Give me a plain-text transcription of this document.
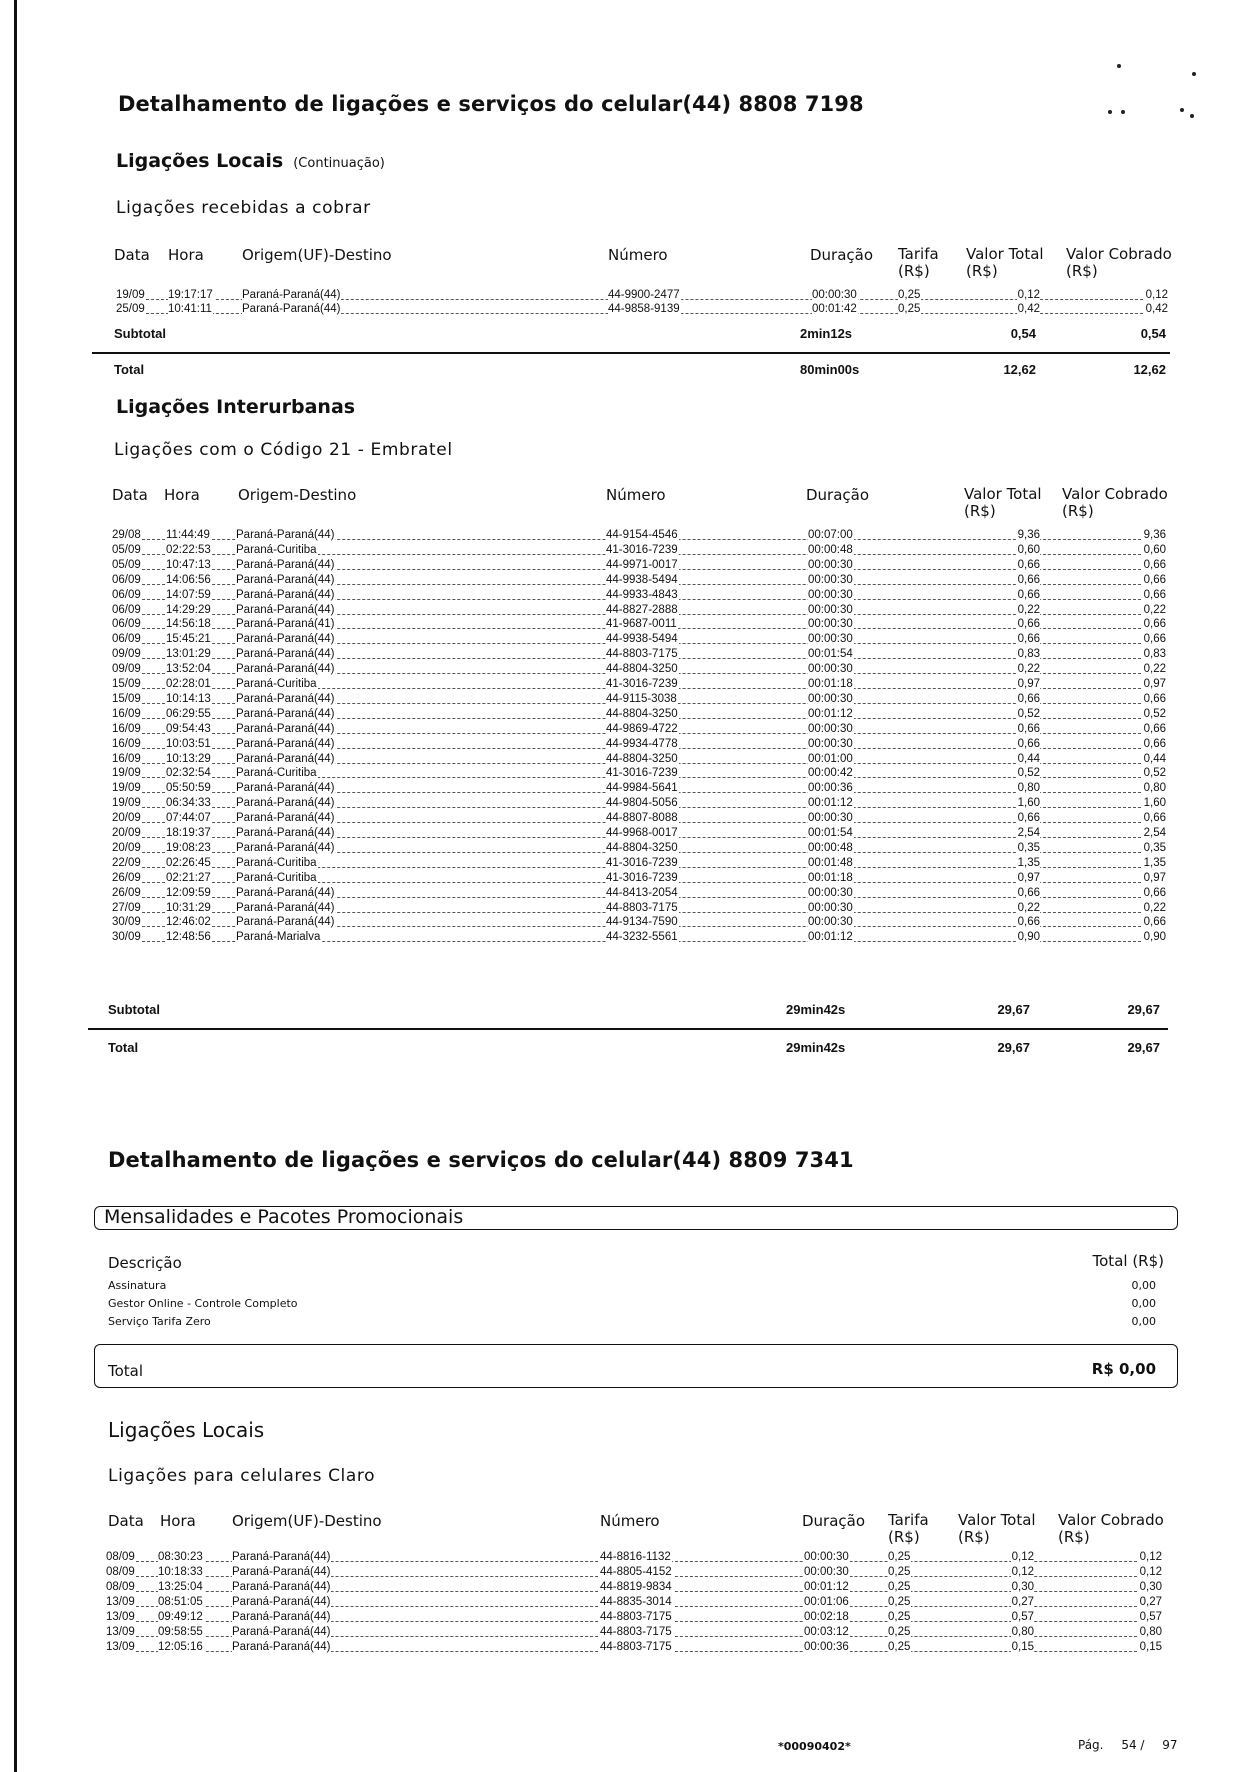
Detalhamento de ligações e serviços do celular(44) 8808 7198
Ligações Locais (Continuação)
Ligações recebidas a cobrar
Data Hora	Origem(UF)-Destino	Número	Duração Tarifa
(R$)
Valor Total
(R$)
Valor Cobrado
(R$)
19/09 19:17:17	Paraná-Paraná(44)	44-9900-2477	00:00:30	0,25	0,12	0,12
25/09 10:41:11	Paraná-Paraná(44)	44-9858-9139	00:01:42	0,25	0,42	0,42
Subtotal	2min12s	0,54	0,54
Total	80min00s	12,62	12,62
Ligações Interurbanas
Ligações com o Código 21 - Embratel
Data Hora	Origem-Destino	Número	Duração	Valor Total
(R$)
Valor Cobrado
(R$)
29/08 11:44:49 Paraná-Paraná(44)	44-9154-4546	00:07:00	9,36	9,36
05/09 02:22:53 Paraná-Curitiba	41-3016-7239	00:00:48	0,60	0,60
05/09 10:47:13 Paraná-Paraná(44)	44-9971-0017	00:00:30	0,66	0,66
06/09 14:06:56 Paraná-Paraná(44)	44-9938-5494	00:00:30	0,66	0,66
06/09 14:07:59 Paraná-Paraná(44)	44-9933-4843	00:00:30	0,66	0,66
06/09 14:29:29 Paraná-Paraná(44)	44-8827-2888	00:00:30	0,22	0,22
06/09 14:56:18 Paraná-Paraná(41)	41-9687-0011	00:00:30	0,66	0,66
06/09 15:45:21 Paraná-Paraná(44)	44-9938-5494	00:00:30	0,66	0,66
09/09 13:01:29 Paraná-Paraná(44)	44-8803-7175	00:01:54	0,83	0,83
09/09 13:52:04 Paraná-Paraná(44)	44-8804-3250	00:00:30	0,22	0,22
15/09 02:28:01 Paraná-Curitiba	41-3016-7239	00:01:18	0,97	0,97
15/09 10:14:13 Paraná-Paraná(44)	44-9115-3038	00:00:30	0,66	0,66
16/09 06:29:55 Paraná-Paraná(44)	44-8804-3250	00:01:12	0,52	0,52
16/09 09:54:43 Paraná-Paraná(44)	44-9869-4722	00:00:30	0,66	0,66
16/09 10:03:51 Paraná-Paraná(44)	44-9934-4778	00:00:30	0,66	0,66
16/09 10:13:29 Paraná-Paraná(44)	44-8804-3250	00:01:00	0,44	0,44
19/09 02:32:54 Paraná-Curitiba	41-3016-7239	00:00:42	0,52	0,52
19/09 05:50:59 Paraná-Paraná(44)	44-9984-5641	00:00:36	0,80	0,80
19/09 06:34:33 Paraná-Paraná(44)	44-9804-5056	00:01:12	1,60	1,60
20/09 07:44:07 Paraná-Paraná(44)	44-8807-8088	00:00:30	0,66	0,66
20/09 18:19:37 Paraná-Paraná(44)	44-9968-0017	00:01:54	2,54	2,54
20/09 19:08:23 Paraná-Paraná(44)	44-8804-3250	00:00:48	0,35	0,35
22/09 02:26:45 Paraná-Curitiba	41-3016-7239	00:01:48	1,35	1,35
26/09 02:21:27 Paraná-Curitiba	41-3016-7239	00:01:18	0,97	0,97
26/09 12:09:59 Paraná-Paraná(44)	44-8413-2054	00:00:30	0,66	0,66
27/09 10:31:29 Paraná-Paraná(44)	44-8803-7175	00:00:30	0,22	0,22
30/09 12:46:02 Paraná-Paraná(44)	44-9134-7590	00:00:30	0,66	0,66
30/09 12:48:56 Paraná-Marialva	44-3232-5561	00:01:12	0,90	0,90
Subtotal	29min42s	29,67	29,67
Total	29min42s	29,67	29,67
Detalhamento de ligações e serviços do celular(44) 8809 7341
Mensalidades e Pacotes Promocionais
Descrição	Total (R$)
Assinatura	0,00
Gestor Online - Controle Completo	0,00
Serviço Tarifa Zero	0,00
Total	R$ 0,00
Ligações Locais
Ligações para celulares Claro
Data Hora Origem(UF)-Destino	Número	Duração Tarifa
(R$)
Valor Total
(R$)
Valor Cobrado
(R$)
08/09 08:30:23	Paraná-Paraná(44)	44-8816-1132	00:00:30	0,25	0,12	0,12
08/09 10:18:33	Paraná-Paraná(44)	44-8805-4152	00:00:30	0,25	0,12	0,12
08/09 13:25:04	Paraná-Paraná(44)	44-8819-9834	00:01:12	0,25	0,30	0,30
13/09 08:51:05	Paraná-Paraná(44)	44-8835-3014	00:01:06	0,25	0,27	0,27
13/09 09:49:12	Paraná-Paraná(44)	44-8803-7175	00:02:18	0,25	0,57	0,57
13/09 09:58:55	Paraná-Paraná(44)	44-8803-7175	00:03:12	0,25	0,80	0,80
13/09 12:05:16	Paraná-Paraná(44)	44-8803-7175	00:00:36	0,25	0,15	0,15
*00090402*	Pág. 54 / 97
